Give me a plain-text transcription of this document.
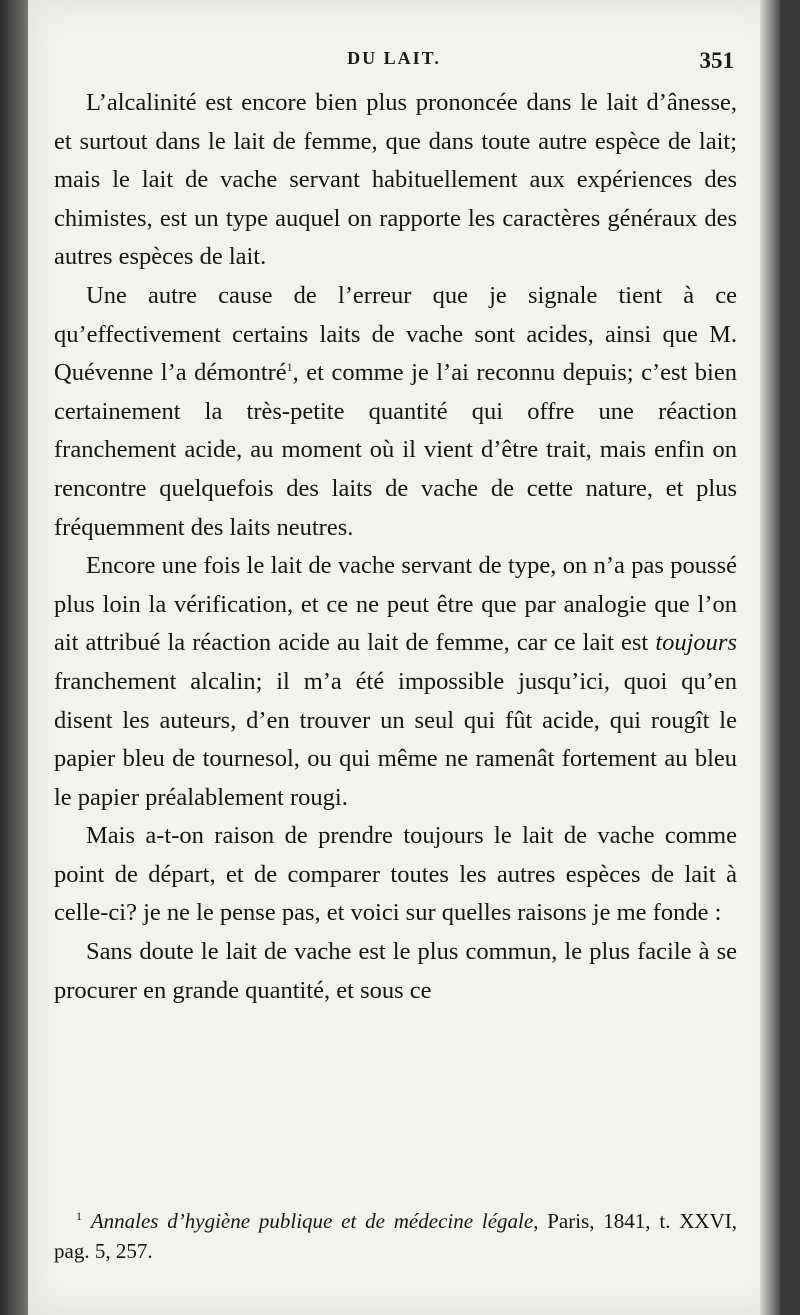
DU LAIT.	351

L’alcalinité est encore bien plus prononcée dans le lait d’ânesse, et surtout dans le lait de femme, que dans toute autre espèce de lait; mais le lait de vache servant habituellement aux expériences des chimistes, est un type auquel on rapporte les caractères généraux des autres espèces de lait.

Une autre cause de l’erreur que je signale tient à ce qu’effectivement certains laits de vache sont acides, ainsi que M. Quévenne l’a démontré$^1$, et comme je l’ai reconnu depuis; c’est bien certainement la très-petite quantité qui offre une réaction franchement acide, au moment où il vient d’être trait, mais enfin on rencontre quelquefois des laits de vache de cette nature, et plus fréquemment des laits neutres.

Encore une fois le lait de vache servant de type, on n’a pas poussé plus loin la vérification, et ce ne peut être que par analogie que l’on ait attribué la réaction acide au lait de femme, car ce lait est toujours franchement alcalin; il m’a été impossible jusqu’ici, quoi qu’en disent les auteurs, d’en trouver un seul qui fût acide, qui rougît le papier bleu de tournesol, ou qui même ne ramenât fortement au bleu le papier préalablement rougi.

Mais a-t-on raison de prendre toujours le lait de vache comme point de départ, et de comparer toutes les autres espèces de lait à celle-ci? je ne le pense pas, et voici sur quelles raisons je me fonde :

Sans doute le lait de vache est le plus commun, le plus facile à se procurer en grande quantité, et sous ce

$^1$ Annales d’hygiène publique et de médecine légale, Paris, 1841, t. XXVI, pag. 5, 257.
